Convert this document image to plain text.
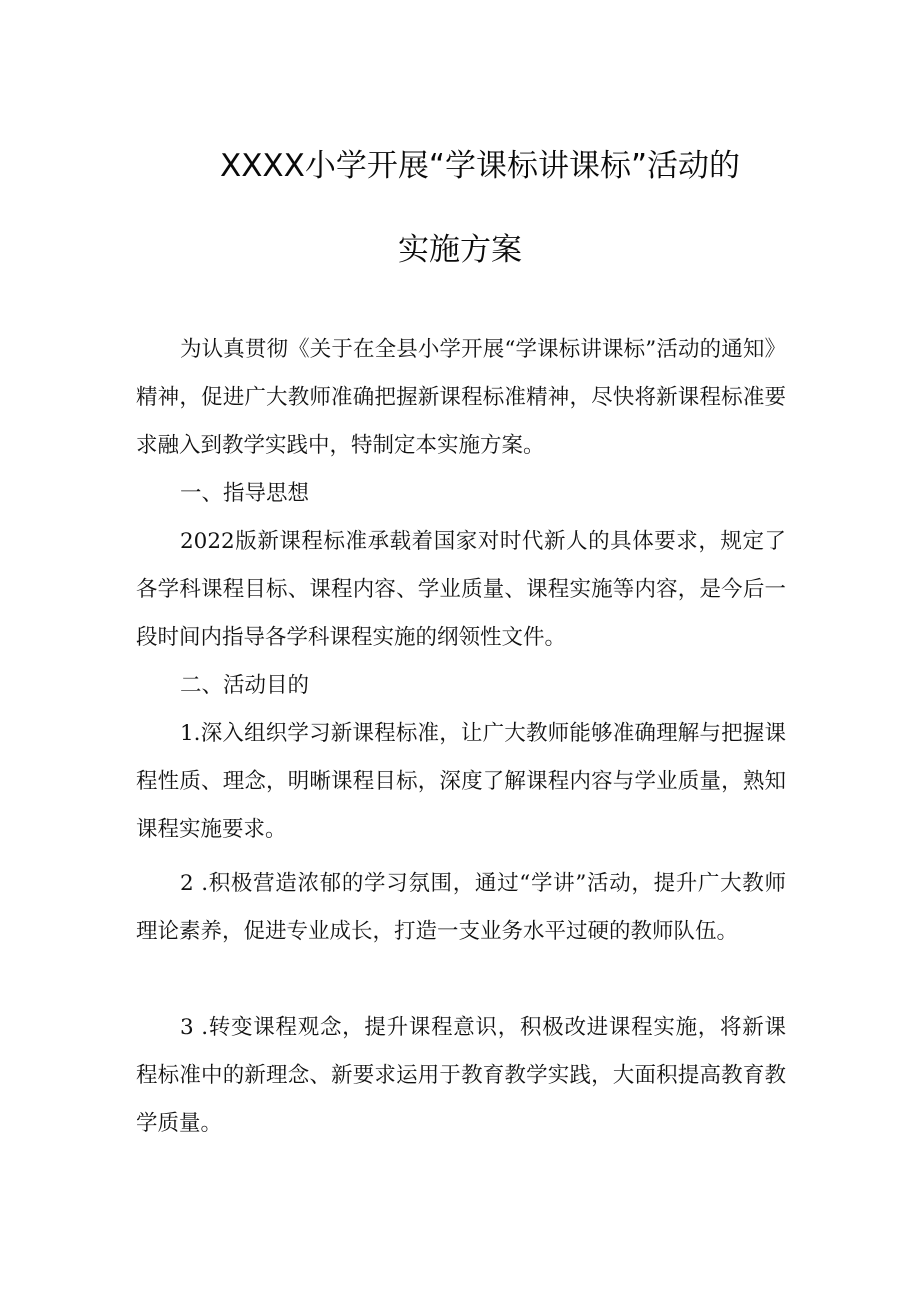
XXXX小学开展“学课标讲课标”活动的
实施方案

为认真贯彻《关于在全县小学开展“学课标讲课标”活动的通知》精神，促进广大教师准确把握新课程标准精神，尽快将新课程标准要求融入到教学实践中，特制定本实施方案。

一、指导思想

2022版新课程标准承载着国家对时代新人的具体要求，规定了各学科课程目标、课程内容、学业质量、课程实施等内容，是今后一段时间内指导各学科课程实施的纲领性文件。

二、活动目的

1.深入组织学习新课程标准，让广大教师能够准确理解与把握课程性质、理念，明晰课程目标，深度了解课程内容与学业质量，熟知课程实施要求。

2 .积极营造浓郁的学习氛围，通过“学讲”活动，提升广大教师理论素养，促进专业成长，打造一支业务水平过硬的教师队伍。

3 .转变课程观念，提升课程意识，积极改进课程实施，将新课程标准中的新理念、新要求运用于教育教学实践，大面积提高教育教学质量。
